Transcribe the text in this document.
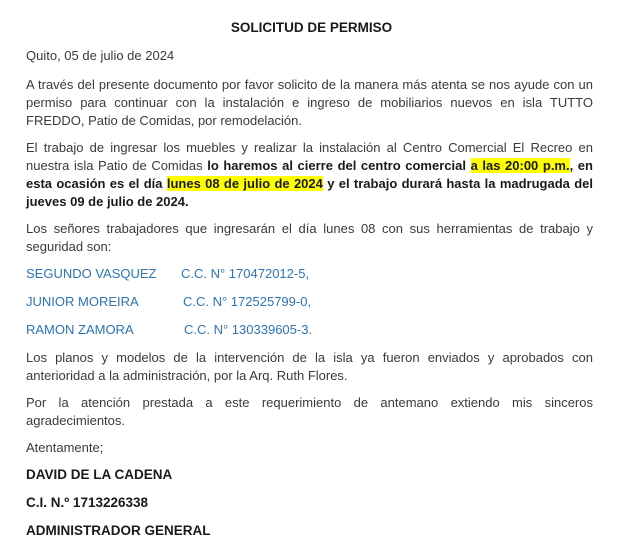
SOLICITUD DE PERMISO
Quito, 05 de julio de 2024
A través del presente documento por favor solicito de la manera más atenta se nos ayude con un permiso para continuar con la instalación e ingreso de mobiliarios nuevos en isla TUTTO FREDDO, Patio de Comidas, por remodelación.
El trabajo de ingresar los muebles y realizar la instalación al Centro Comercial El Recreo en nuestra isla Patio de Comidas lo haremos al cierre del centro comercial a las 20:00 p.m., en esta ocasión es el día lunes 08 de julio de 2024 y el trabajo durará hasta la madrugada del jueves 09 de julio de 2024.
Los señores trabajadores que ingresarán el día lunes 08 con sus herramientas de trabajo y seguridad son:
SEGUNDO VASQUEZ C.C. N° 170472012-5,
JUNIOR MOREIRA	C.C. N° 172525799-0,
RAMON ZAMORA	C.C. N° 130339605-3.
Los planos y modelos de la intervención de la isla ya fueron enviados y aprobados con anterioridad a la administración, por la Arq. Ruth Flores.
Por la atención prestada a este requerimiento de antemano extiendo mis sinceros agradecimientos.
Atentamente;
DAVID DE LA CADENA
C.I. N.º 1713226338
ADMINISTRADOR GENERAL
